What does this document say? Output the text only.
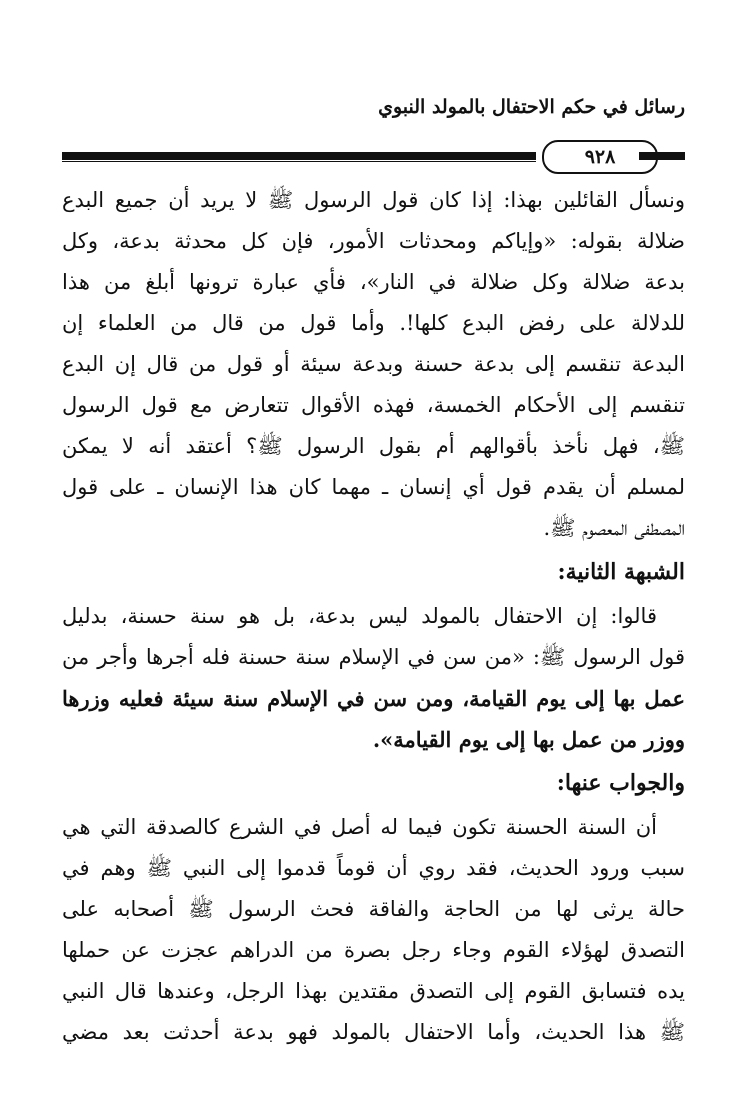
رسائل في حكم الاحتفال بالمولد النبوي
٩٢٨
ونسأل القائلين بهذا: إذا كان قول الرسول ﷺ لا يريد أن جميع البدع
ضلالة بقوله: «وإياكم ومحدثات الأمور، فإن كل محدثة بدعة، وكل
بدعة ضلالة وكل ضلالة في النار»، فأي عبارة ترونها أبلغ من هذا
للدلالة على رفض البدع كلها!. وأما قول من قال من العلماء إن
البدعة تنقسم إلى بدعة حسنة وبدعة سيئة أو قول من قال إن البدع
تنقسم إلى الأحكام الخمسة، فهذه الأقوال تتعارض مع قول الرسول
ﷺ، فهل نأخذ بأقوالهم أم بقول الرسول ﷺ؟ أعتقد أنه لا يمكن
لمسلم أن يقدم قول أي إنسان ـ مهما كان هذا الإنسان ـ على قول
المصطفى المعصوم ﷺ.
الشبهة الثانية:
قالوا: إن الاحتفال بالمولد ليس بدعة، بل هو سنة حسنة، بدليل
قول الرسول ﷺ: «من سن في الإسلام سنة حسنة فله أجرها وأجر من
عمل بها إلى يوم القيامة، ومن سن في الإسلام سنة سيئة فعليه وزرها
ووزر من عمل بها إلى يوم القيامة».
والجواب عنها:
أن السنة الحسنة تكون فيما له أصل في الشرع كالصدقة التي هي
سبب ورود الحديث، فقد روي أن قوماً قدموا إلى النبي ﷺ وهم في
حالة يرثى لها من الحاجة والفاقة فحث الرسول ﷺ أصحابه على
التصدق لهؤلاء القوم وجاء رجل بصرة من الدراهم عجزت عن حملها
يده فتسابق القوم إلى التصدق مقتدين بهذا الرجل، وعندها قال النبي
ﷺ هذا الحديث، وأما الاحتفال بالمولد فهو بدعة أحدثت بعد مضي
